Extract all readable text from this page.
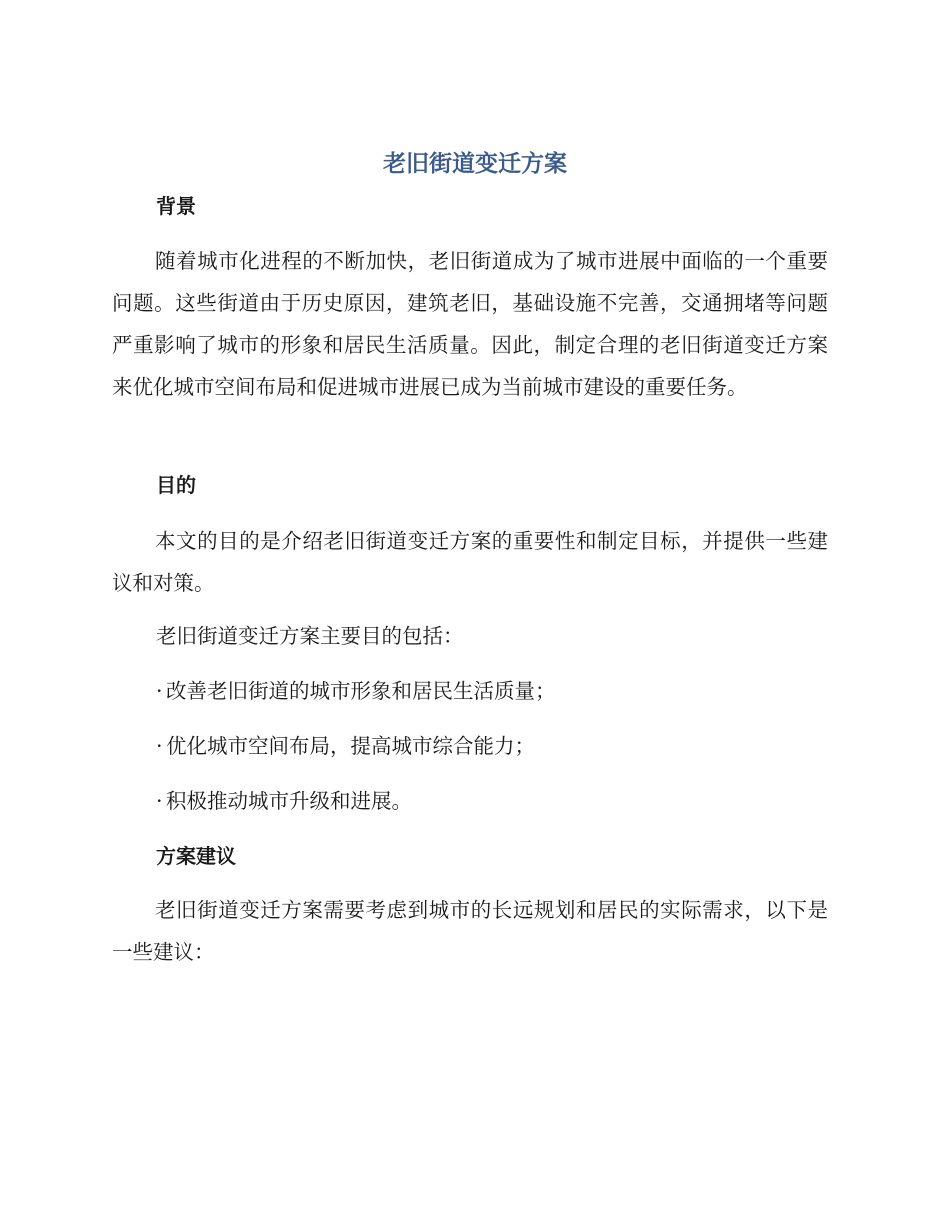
老旧街道变迁方案
背景

随着城市化进程的不断加快，老旧街道成为了城市进展中面临的一个重要问题。这些街道由于历史原因，建筑老旧，基础设施不完善，交通拥堵等问题严重影响了城市的形象和居民生活质量。因此，制定合理的老旧街道变迁方案来优化城市空间布局和促进城市进展已成为当前城市建设的重要任务。

目的

本文的目的是介绍老旧街道变迁方案的重要性和制定目标，并提供一些建议和对策。

老旧街道变迁方案主要目的包括：

· 改善老旧街道的城市形象和居民生活质量；

· 优化城市空间布局，提高城市综合能力；

· 积极推动城市升级和进展。

方案建议

老旧街道变迁方案需要考虑到城市的长远规划和居民的实际需求，以下是一些建议：
